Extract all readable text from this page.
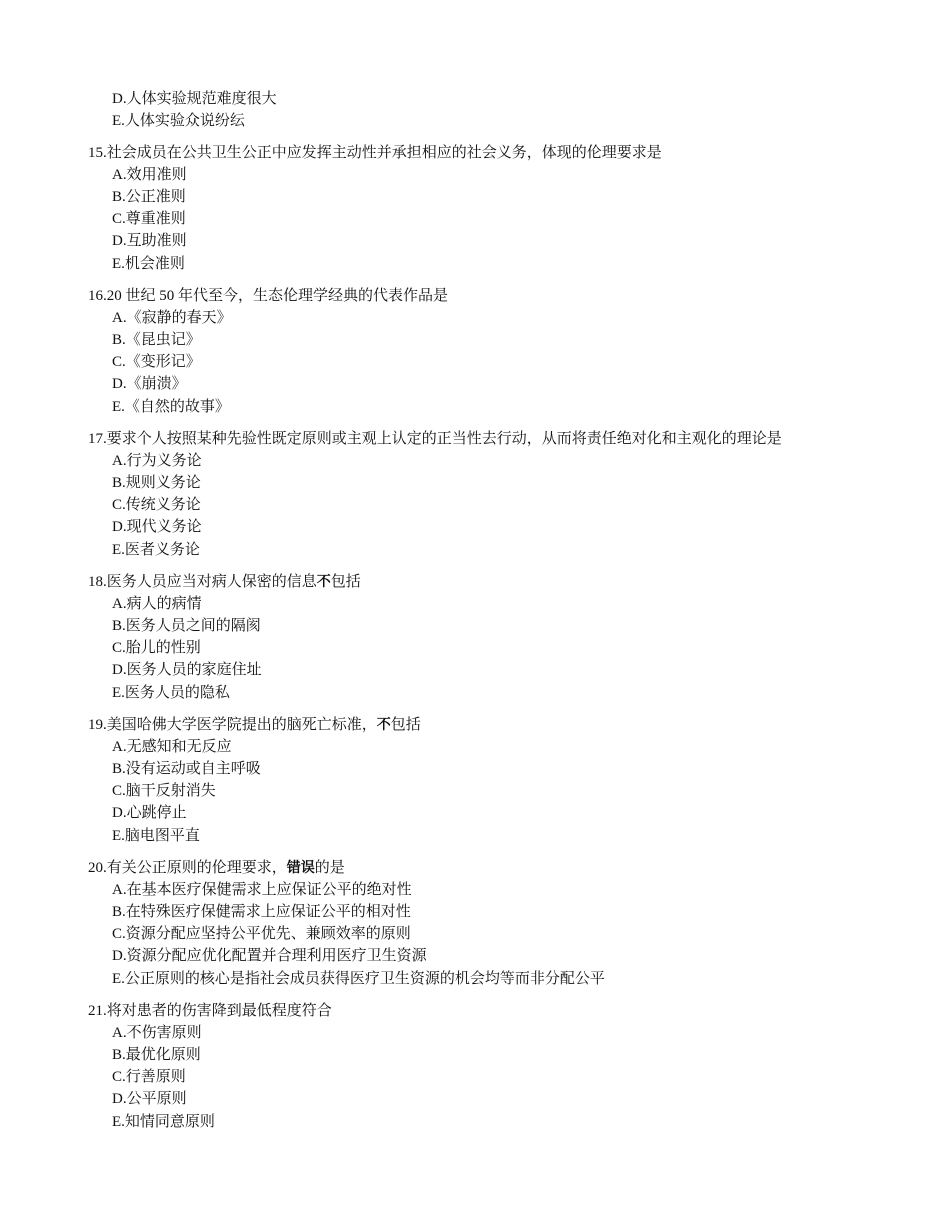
D.人体实验规范难度很大
E.人体实验众说纷纭
15.社会成员在公共卫生公正中应发挥主动性并承担相应的社会义务，体现的伦理要求是
A.效用准则
B.公正准则
C.尊重准则
D.互助准则
E.机会准则
16.20 世纪 50 年代至今，生态伦理学经典的代表作品是
A.《寂静的春天》
B.《昆虫记》
C.《变形记》
D.《崩溃》
E.《自然的故事》
17.要求个人按照某种先验性既定原则或主观上认定的正当性去行动，从而将责任绝对化和主观化的理论是
A.行为义务论
B.规则义务论
C.传统义务论
D.现代义务论
E.医者义务论
18.医务人员应当对病人保密的信息不包括
A.病人的病情
B.医务人员之间的隔阂
C.胎儿的性别
D.医务人员的家庭住址
E.医务人员的隐私
19.美国哈佛大学医学院提出的脑死亡标准，不包括
A.无感知和无反应
B.没有运动或自主呼吸
C.脑干反射消失
D.心跳停止
E.脑电图平直
20.有关公正原则的伦理要求，错误的是
A.在基本医疗保健需求上应保证公平的绝对性
B.在特殊医疗保健需求上应保证公平的相对性
C.资源分配应坚持公平优先、兼顾效率的原则
D.资源分配应优化配置并合理利用医疗卫生资源
E.公正原则的核心是指社会成员获得医疗卫生资源的机会均等而非分配公平
21.将对患者的伤害降到最低程度符合
A.不伤害原则
B.最优化原则
C.行善原则
D.公平原则
E.知情同意原则
